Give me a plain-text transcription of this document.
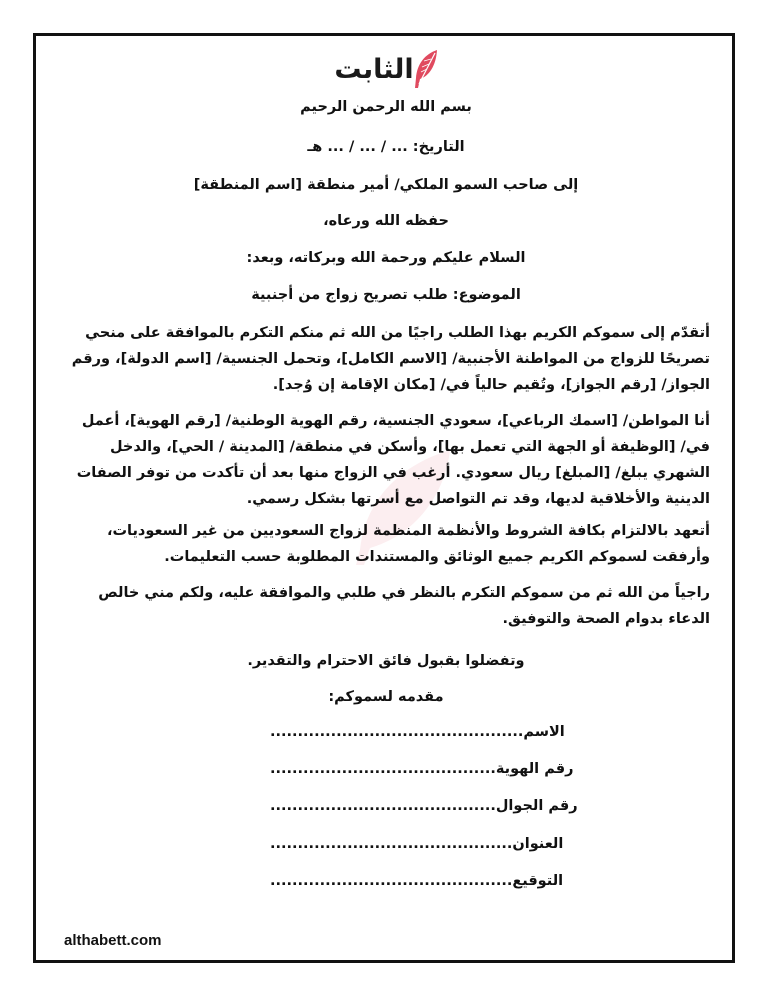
الثابت

بسم الله الرحمن الرحيم

التاريخ: ... / ... / ... هـ

إلى صاحب السمو الملكي/ أمير منطقة [اسم المنطقة]

حفظه الله ورعاه،

السلام عليكم ورحمة الله وبركاته، وبعد:

الموضوع: طلب تصريح زواج من أجنبية

أتقدّم إلى سموكم الكريم بهذا الطلب راجيًا من الله ثم منكم التكرم بالموافقة على منحي تصريحًا للزواج من المواطنة الأجنبية/ [الاسم الكامل]، وتحمل الجنسية/ [اسم الدولة]، ورقم الجواز/ [رقم الجواز]، وتُقيم حالياً في/ [مكان الإقامة إن وُجد].

أنا المواطن/ [اسمك الرباعي]، سعودي الجنسية، رقم الهوية الوطنية/ [رقم الهوية]، أعمل في/ [الوظيفة أو الجهة التي تعمل بها]، وأسكن في منطقة/ [المدينة / الحي]، والدخل الشهري يبلغ/ [المبلغ] ريال سعودي. أرغب في الزواج منها بعد أن تأكدت من توفر الصفات الدينية والأخلاقية لديها، وقد تم التواصل مع أسرتها بشكل رسمي.

أتعهد بالالتزام بكافة الشروط والأنظمة المنظمة لزواج السعوديين من غير السعوديات، وأرفقت لسموكم الكريم جميع الوثائق والمستندات المطلوبة حسب التعليمات.

راجياً من الله ثم من سموكم التكرم بالنظر في طلبي والموافقة عليه، ولكم مني خالص الدعاء بدوام الصحة والتوفيق.

وتفضلوا بقبول فائق الاحترام والتقدير.

مقدمه لسموكم:

الاسم..............................................
رقم الهوية.........................................
رقم الجوال.........................................
العنوان............................................
التوقيع............................................
althabett.com
